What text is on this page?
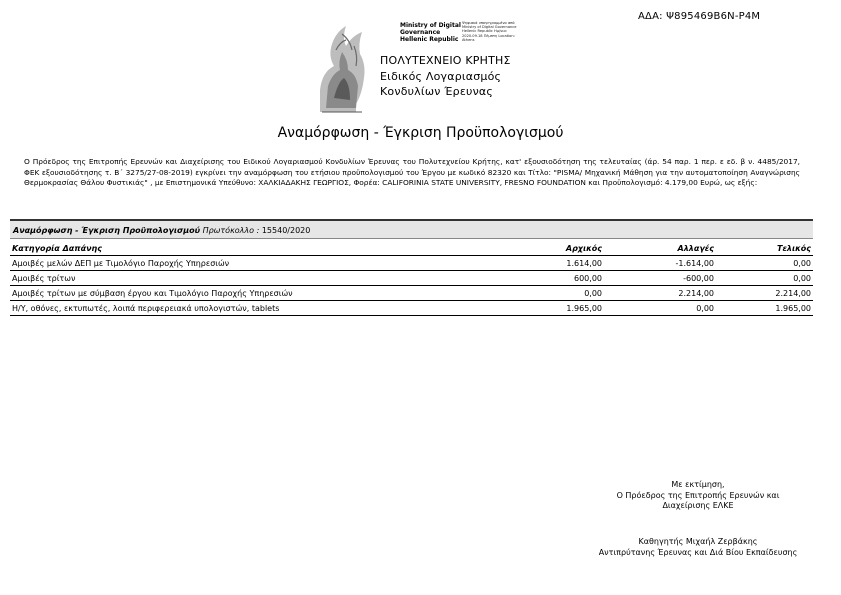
ΑΔΑ: Ψ895469Β6Ν-Ρ4Μ
Ministry of Digital
Governance
Hellenic Republic
Ψηφιακά υπογεγραμμένο από Ministry of Digital Governance Hellenic Republic Ημ/νια: 2020.09.18 Πέμπτη Location: Athens
ΠΟΛΥΤΕΧΝΕΙΟ ΚΡΗΤΗΣ
Ειδικός Λογαριασμός
Κονδυλίων Έρευνας
Αναμόρφωση - Έγκριση Προϋπολογισμού
Ο Πρόεδρος της Επιτροπής Ερευνών και Διαχείρισης του Ειδικού Λογαριασμού Κονδυλίων Έρευνας του Πολυτεχνείου Κρήτης, κατ' εξουσιοδότηση της τελευταίας (άρ. 54 παρ. 1 περ. ε εδ. β ν. 4485/2017, ΦΕΚ εξουσιοδότησης τ. Β΄ 3275/27-08-2019) εγκρίνει την αναμόρφωση του ετήσιου προϋπολογισμού του Έργου με κωδικό 82320 και Τίτλο: "PISMA/ Μηχανική Μάθηση για την αυτοματοποίηση Αναγνώρισης Θερμοκρασίας Θάλου Φυστικιάς" , με Επιστημονικά Υπεύθυνο: ΧΑΛΚΙΑΔΑΚΗΣ ΓΕΩΡΓΙΟΣ, Φορέα: CALIFORINIA STATE UNIVERSITY, FRESNO FOUNDATION και Προϋπολογισμό: 4.179,00 Ευρώ, ως εξής:
Αναμόρφωση - Έγκριση Προϋπολογισμού Πρωτόκολλο : 15540/2020
Κατηγορία Δαπάνης	Αρχικός	Αλλαγές	Τελικός
Αμοιβές μελών ΔΕΠ με Τιμολόγιο Παροχής Υπηρεσιών	1.614,00	-1.614,00	0,00
Αμοιβές τρίτων	600,00	-600,00	0,00
Αμοιβές τρίτων με σύμβαση έργου και Τιμολόγιο Παροχής Υπηρεσιών	0,00	2.214,00	2.214,00
Η/Υ, οθόνες, εκτυπωτές, λοιπά περιφερειακά υπολογιστών, tablets	1.965,00	0,00	1.965,00
Με εκτίμηση,
Ο Πρόεδρος της Επιτροπής Ερευνών και
Διαχείρισης ΕΛΚΕ
Καθηγητής Μιχαήλ Ζερβάκης
Αντιπρύτανης Έρευνας και Διά Βίου Εκπαίδευσης
